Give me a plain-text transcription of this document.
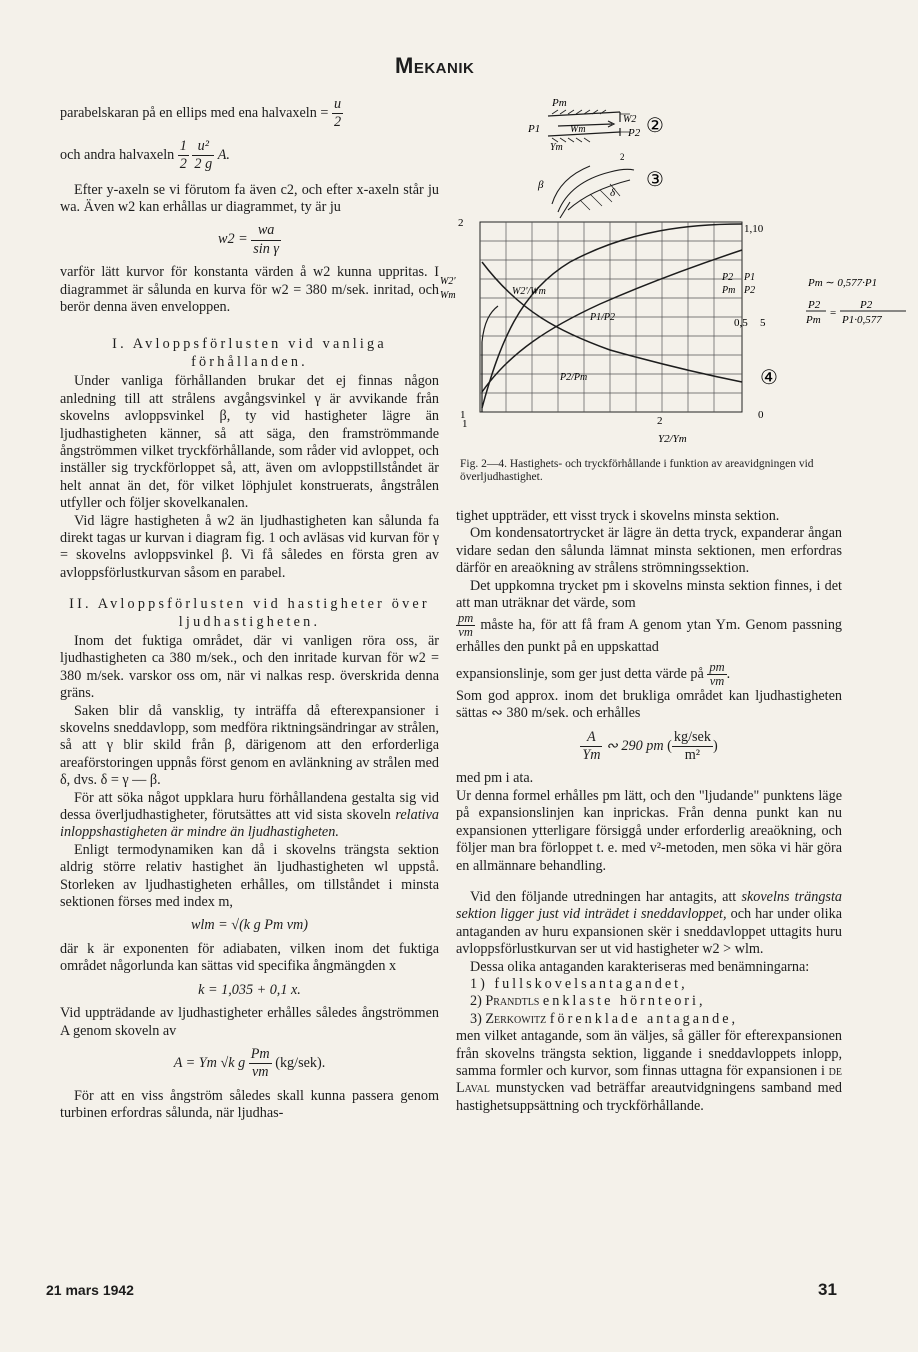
Mekanik

parabelskaran på en ellips med ena halvaxeln = $\frac{u}{2}$

och andra halvaxeln $\frac{1}{2}$
$\frac{\text{u²}}{2 g} A$.

Efter y-axeln se vi förutom fa även c2, och efter x-axeln står ju wa. Även w2 kan erhållas ur diagrammet, ty är ju

$w2 = \frac{wa}{\text{sin γ}}$

varför lätt kurvor för konstanta värden å w2 kunna uppritas. I diagrammet är sålunda en kurva för w2 = 380 m/sek. inritad, och berör denna även enveloppen.

I. Avloppsförlusten vid vanliga förhållanden.

Under vanliga förhållanden brukar det ej finnas någon anledning till att strålens avgångsvinkel γ är avvikande från skovelns avloppsvinkel β, ty vid hastigheter lägre än ljudhastigheten känner, så att säga, den framströmmande ångströmmen vilket tryckförhållande, som råder vid avloppet, och inställer sig tryckförloppet så, att, även om avloppstillståndet är helt annat än det, för vilket löphjulet konstruerats, ångstrålen utfyller och följer skovelkanalen.

Vid lägre hastigheten å w2 än ljudhastigheten kan sålunda fa direkt tagas ur kurvan i diagram fig. 1 och avläsas vid kurvan för γ = skovelns avloppsvinkel β. Vi få således en första gren av avloppsförlustkurvan såsom en parabel.

II. Avloppsförlusten vid hastigheter över ljudhastigheten.

Inom det fuktiga området, där vi vanligen röra oss, är ljudhastigheten ca 380 m/sek., och den inritade kurvan för w2 = 380 m/sek. varskor oss om, när vi nalkas resp. överskrida denna gräns.

Saken blir då vansklig, ty inträffa då efterexpansioner i skovelns sneddavlopp, som medföra riktningsändringar av strålen, så att γ blir skild från β, därigenom att den erforderliga areaförstoringen uppnås först genom en avlänkning av strålen med δ, dvs. δ = γ — β.

För att söka något uppklara huru förhållandena gestalta sig vid dessa överljudhastigheter, förutsättes att vid sista skoveln relativa inloppshastigheten är mindre än ljudhastigheten.

Enligt termodynamiken kan då i skovelns trängsta sektion aldrig större relativ hastighet än ljudhastigheten wl uppstå. Storleken av ljudhastigheten erhålles, om tillståndet i minsta sektionen förses med index m,

wlm = √(k g Pm vm)

där k är exponenten för adiabaten, vilken inom det fuktiga området någorlunda kan sättas vid specifika ångmängden x

k = 1,035 + 0,1 x.

Vid uppträdande av ljudhastigheter erhålles således ångströmmen A genom skoveln av

A = Ym √k g $\frac{Pm}{vm} (kg/sek)$.

För att en viss ångström således skall kunna passera genom turbinen erfordras sålunda, när ljudhas-

Pm
P1	Wm
W2
P2
Ym
2
②
β
δ
③
2
1
1
1,10
0,5 5
0
2
Y2/Ym
W2'
Wm	W2'/Wm
P1/P2
P2/Pm
P2
Pm
P1
P2
④
Pm ∼ 0,577·P1
P2
Pm
=
P2
P1·0,577
Fig. 2—4. Hastighets- och tryckförhållande i funktion av areavidgningen vid överljudhastighet.

tighet uppträder, ett visst tryck i skovelns minsta sektion.

Om kondensatortrycket är lägre än detta tryck, expanderar ångan vidare sedan den sålunda lämnat minsta sektionen, men erfordras därför en areaökning av strålens strömningssektion.

Det uppkomna trycket pm i skovelns minsta sektion finnes, i det att man uträknar det värde, som

$\frac{pm}{vm}$ måste ha, för att få fram A genom ytan Ym. Genom passning erhålles den punkt på en uppskattad

expansionslinje, som ger just detta värde på $\frac{pm}{vm}$ .

Som god approx. inom det brukliga området kan ljudhastigheten sättas ∾ 380 m/sek. och erhålles

$\frac{A}{Ym}$ ∾ 290 pm ( $\frac{\text{kg/sek}}{\text{m²}}$ )

med pm i ata.

Ur denna formel erhålles pm lätt, och den "ljudande" punktens läge på expansionslinjen kan inprickas. Från denna punkt kan nu expansionen ytterligare försiggå under erforderlig areaökning, och följer man bra förloppet t. e. med v²-metoden, men söka vi här göra en allmännare behandling.

Vid den följande utredningen har antagits, att skovelns trängsta sektion ligger just vid inträdet i sneddavloppet, och har under olika antaganden av huru expansionen skër i sneddavloppet uttagits huru avloppsförlustkurvan ser ut vid hastigheter w2 > wlm.

Dessa olika antaganden karakteriseras med benämningarna:

1) fullskovelsantagandet,

2) Prandtls enklaste hörnteori,

3) Zerkowitz förenklade antagande,

men vilket antagande, som än väljes, så gäller för efterexpansionen från skovelns trängsta sektion, liggande i sneddavloppets inlopp, samma formler och kurvor, som finnas uttagna för expansionen i de Laval munstycken vad beträffar areautvidgningens samband med hastighetsuppsättning och tryckförhållande.

21 mars 1942	31
